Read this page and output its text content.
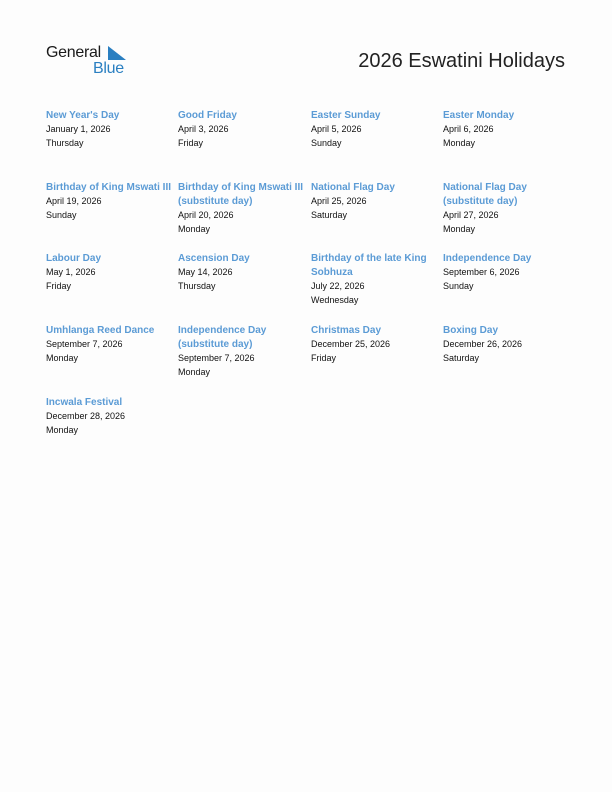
General
Blue	2026 Eswatini Holidays
New Year's Day
January 1, 2026
Thursday
Good Friday
April 3, 2026
Friday
Easter Sunday
April 5, 2026
Sunday
Easter Monday
April 6, 2026
Monday
Birthday of King Mswati III
April 19, 2026
Sunday
Birthday of King Mswati III (substitute day)
April 20, 2026
Monday
National Flag Day
April 25, 2026
Saturday
National Flag Day (substitute day)
April 27, 2026
Monday
Labour Day
May 1, 2026
Friday
Ascension Day
May 14, 2026
Thursday
Birthday of the late King Sobhuza
July 22, 2026
Wednesday
Independence Day
September 6, 2026
Sunday
Umhlanga Reed Dance
September 7, 2026
Monday
Independence Day (substitute day)
September 7, 2026
Monday
Christmas Day
December 25, 2026
Friday
Boxing Day
December 26, 2026
Saturday
Incwala Festival
December 28, 2026
Monday
